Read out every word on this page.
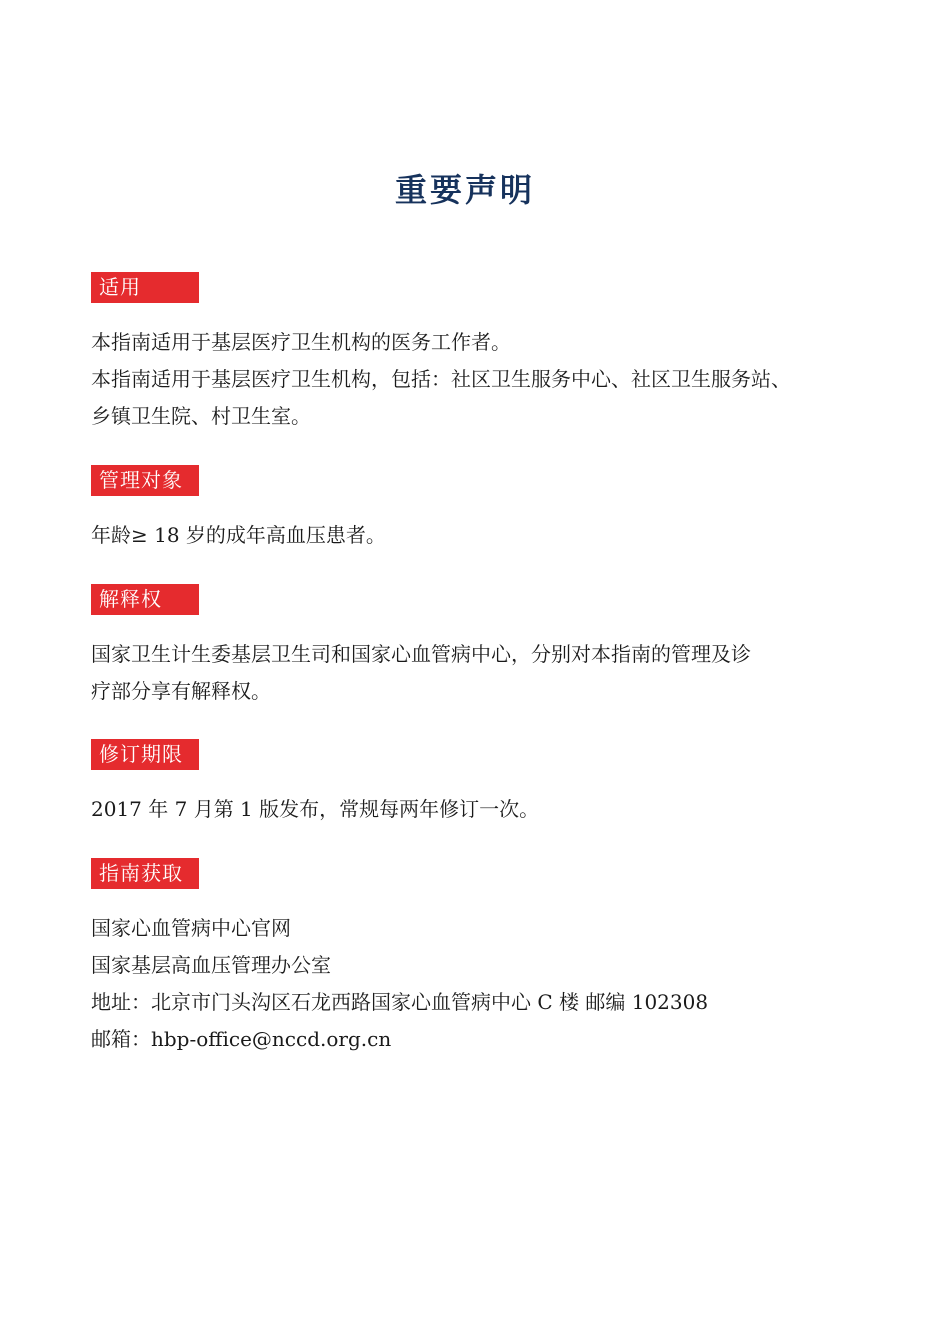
重要声明
适用

本指南适用于基层医疗卫生机构的医务工作者。

本指南适用于基层医疗卫生机构，包括：社区卫生服务中心、社区卫生服务站、

乡镇卫生院、村卫生室。

管理对象

年龄≥ 18 岁的成年高血压患者。

解释权

国家卫生计生委基层卫生司和国家心血管病中心，分别对本指南的管理及诊

疗部分享有解释权。

修订期限

2017 年 7 月第 1 版发布，常规每两年修订一次。

指南获取

国家心血管病中心官网

国家基层高血压管理办公室

地址：北京市门头沟区石龙西路国家心血管病中心 C 楼 邮编 102308

邮箱：hbp-office@nccd.org.cn
